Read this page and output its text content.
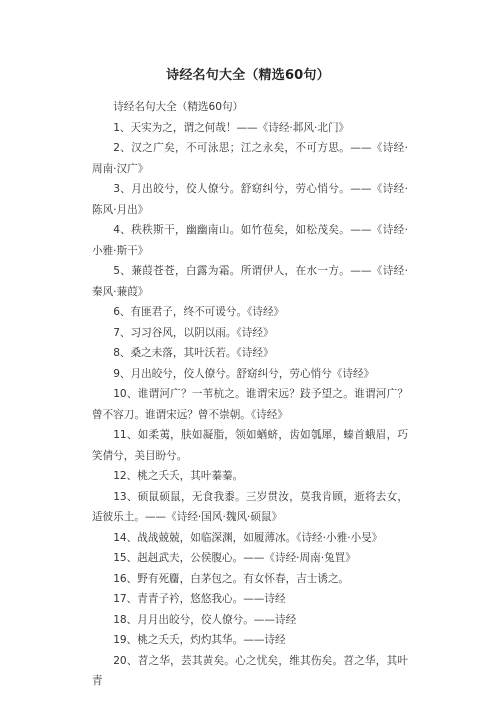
诗经名句大全（精选60句）

诗经名句大全（精选60句）

1、天实为之，谓之何哉！——《诗经·邶风·北门》

2、汉之广矣，不可泳思；江之永矣，不可方思。——《诗经·周南·汉广》

3、月出皎兮，佼人僚兮。舒窈纠兮，劳心悄兮。——《诗经·陈风·月出》

4、秩秩斯干，幽幽南山。如竹苞矣，如松茂矣。——《诗经·小雅·斯干》

5、蒹葭苍苍，白露为霜。所谓伊人，在水一方。——《诗经·秦风·蒹葭》

6、有匪君子，终不可谖兮。《诗经》

7、习习谷风，以阴以雨。《诗经》

8、桑之未落，其叶沃若。《诗经》

9、月出皎兮，佼人僚兮。舒窈纠兮，劳心悄兮《诗经》

10、谁谓河广？一苇杭之。谁谓宋远？跂予望之。谁谓河广？曾不容刀。谁谓宋远？曾不崇朝。《诗经》

11、如柔荑，肤如凝脂，领如蝤蛴，齿如瓠犀，螓首蛾眉，巧笑倩兮，美目盼兮。

12、桃之夭夭，其叶蓁蓁。

13、硕鼠硕鼠，无食我黍。三岁贯汝，莫我肯顾，逝将去女，适彼乐土。——《诗经·国风·魏风·硕鼠》

14、战战兢兢，如临深渊，如履薄冰。《诗经·小雅·小旻》

15、赳赳武夫，公侯腹心。——《诗经·周南·兔罝》

16、野有死麕，白茅包之。有女怀春，吉士诱之。

17、青青子衿，悠悠我心。——诗经

18、月月出皎兮，佼人僚兮。——诗经

19、桃之夭夭，灼灼其华。——诗经

20、苕之华，芸其黄矣。心之忧矣，维其伤矣。苕之华，其叶青
